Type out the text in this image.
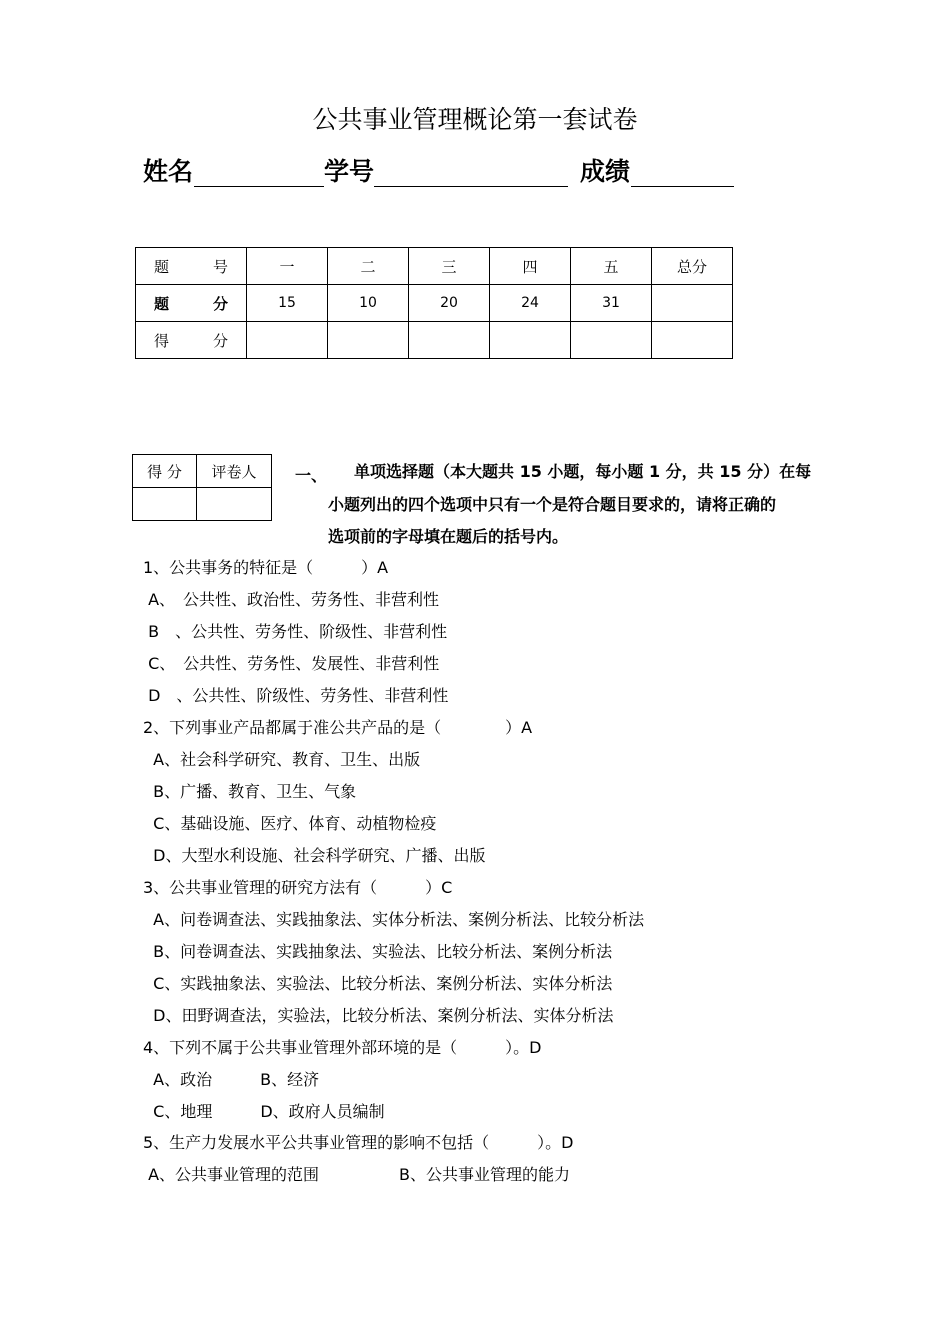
公共事业管理概论第一套试卷
姓名	学号	成绩
题 号	一	二	三	四	五	总分

题 分	15	10	20	24	31	

得 分						

得 分	评卷人
	一、 单项选择题（本大题共 15 小题，每小题 1 分，共 15 分）在每
小题列出的四个选项中只有一个是符合题目要求的，请将正确的
选项前的字母填在题后的括号内。
1、公共事务的特征是（　　　）A
A、　公共性、政治性、劳务性、非营利性
B　、公共性、劳务性、阶级性、非营利性
C、　公共性、劳务性、发展性、非营利性
D　、公共性、阶级性、劳务性、非营利性
2、下列事业产品都属于准公共产品的是（　　　　）A
A、社会科学研究、教育、卫生、出版
B、广播、教育、卫生、气象
C、基础设施、医疗、体育、动植物检疫
D、大型水利设施、社会科学研究、广播、出版
3、公共事业管理的研究方法有（　　　）C
A、问卷调查法、实践抽象法、实体分析法、案例分析法、比较分析法
B、问卷调查法、实践抽象法、实验法、比较分析法、案例分析法
C、实践抽象法、实验法、比较分析法、案例分析法、实体分析法
D、田野调查法，实验法，比较分析法、案例分析法、实体分析法
4、下列不属于公共事业管理外部环境的是（　　　）。D
A、政治　　　B、经济
C、地理　　　D、政府人员编制
5、生产力发展水平公共事业管理的影响不包括（　　　）。D
A、公共事业管理的范围　　　　　B、公共事业管理的能力
